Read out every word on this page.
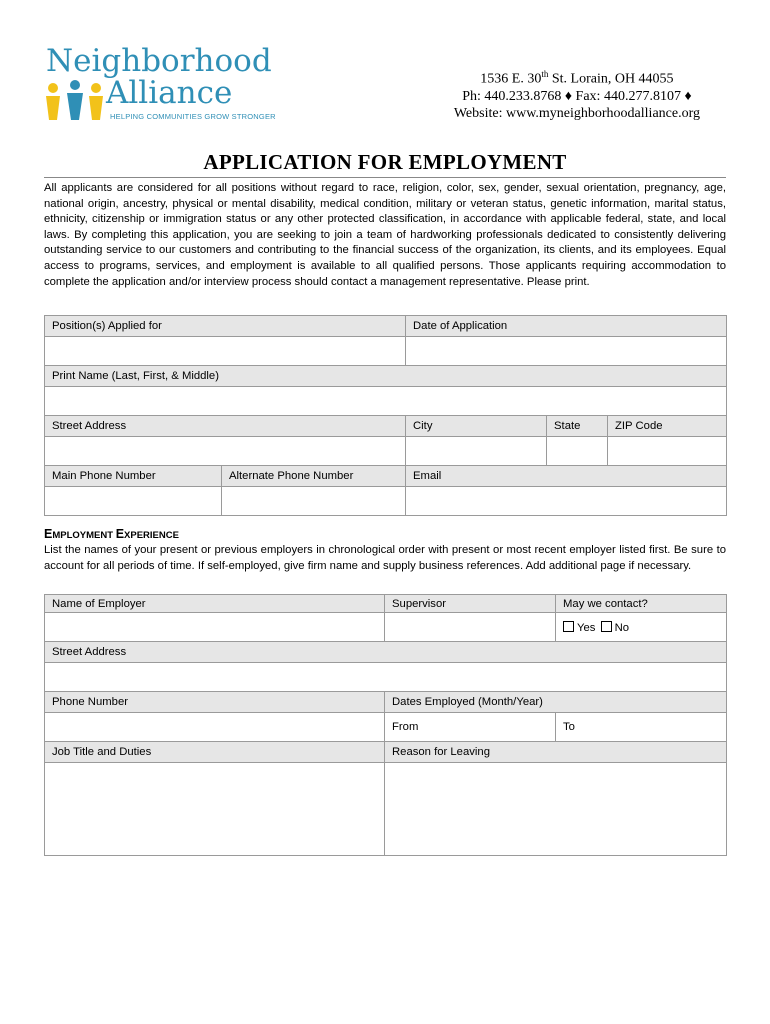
Neighborhood
Alliance
HELPING COMMUNITIES GROW STRONGER
1536 E. 30th St. Lorain, OH 44055
Ph: 440.233.8768 ♦ Fax: 440.277.8107 ♦
Website: www.myneighborhoodalliance.org
APPLICATION FOR EMPLOYMENT
All applicants are considered for all positions without regard to race, religion, color, sex, gender, sexual orientation, pregnancy, age, national origin, ancestry, physical or mental disability, medical condition, military or veteran status, genetic information, marital status, ethnicity, citizenship or immigration status or any other protected classification, in accordance with applicable federal, state, and local laws. By completing this application, you are seeking to join a team of hardworking professionals dedicated to consistently delivering outstanding service to our customers and contributing to the financial success of the organization, its clients, and its employees. Equal access to programs, services, and employment is available to all qualified persons. Those applicants requiring accommodation to complete the application and/or interview process should contact a management representative. Please print.
Position(s) Applied for		Date of Application		

Print Name (Last, First, & Middle)				

Street Address		City	State	ZIP Code

Main Phone Number	Alternate Phone Number	Email		

EMPLOYMENT EXPERIENCE
List the names of your present or previous employers in chronological order with present or most recent employer listed first. Be sure to account for all periods of time. If self-employed, give firm name and supply business references. Add additional page if necessary.
Name of Employer	Supervisor	May we contact?
		Yes No
Street Address		

Phone Number	Dates Employed (Month/Year)	
	From	To
Job Title and Duties	Reason for Leaving	
